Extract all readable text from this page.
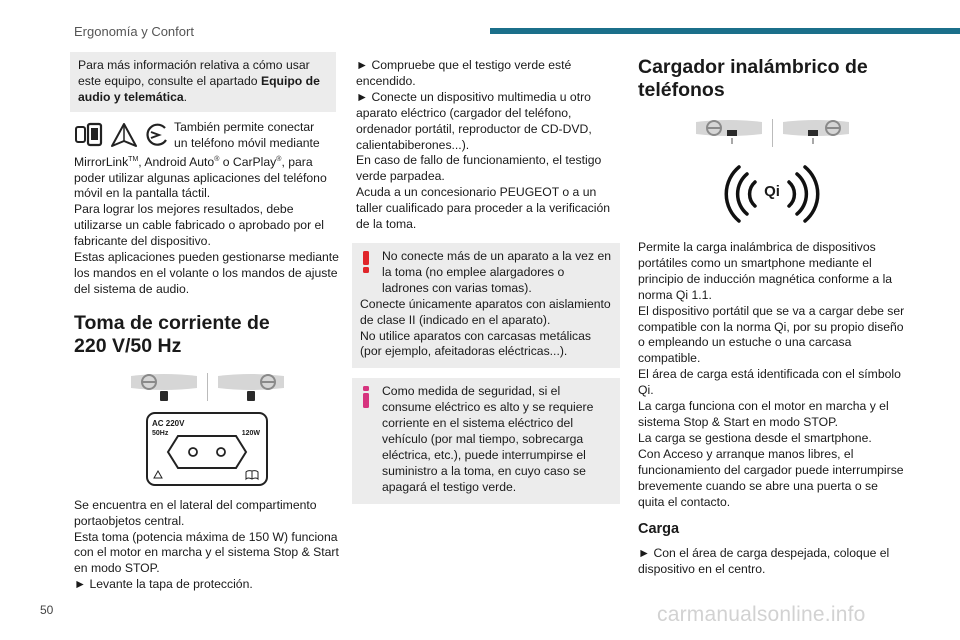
Ergonomía y Confort
Para más información relativa a cómo usar este equipo, consulte el apartado Equipo de audio y telemática.
También permite conectar un teléfono móvil mediante

MirrorLink™, Android Auto® o CarPlay®, para poder utilizar algunas aplicaciones del teléfono móvil en la pantalla táctil.

Para lograr los mejores resultados, debe utilizarse un cable fabricado o aprobado por el fabricante del dispositivo.

Estas aplicaciones pueden gestionarse mediante los mandos en el volante o los mandos de ajuste del sistema de audio.

Toma de corriente de
220 V/50 Hz
AC 220V
50Hz	120W

Se encuentra en el lateral del compartimento portaobjetos central.

Esta toma (potencia máxima de 150 W) funciona con el motor en marcha y el sistema Stop & Start en modo STOP.

► Levante la tapa de protección.

► Compruebe que el testigo verde esté encendido.

► Conecte un dispositivo multimedia u otro aparato eléctrico (cargador del teléfono, ordenador portátil, reproductor de CD-DVD, calientabiberones...).

En caso de fallo de funcionamiento, el testigo verde parpadea.

Acuda a un concesionario PEUGEOT o a un taller cualificado para proceder a la verificación de la toma.

No conecte más de un aparato a la vez en la toma (no emplee alargadores o ladrones con varias tomas).

Conecte únicamente aparatos con aislamiento de clase II (indicado en el aparato).

No utilice aparatos con carcasas metálicas (por ejemplo, afeitadoras eléctricas...).

Como medida de seguridad, si el consume eléctrico es alto y se requiere corriente en el sistema eléctrico del vehículo (por mal tiempo, sobrecarga eléctrica, etc.), puede interrumpirse el suministro a la toma, en cuyo caso se apagará el testigo verde.

Cargador inalámbrico de
teléfonos
Qi

Permite la carga inalámbrica de dispositivos portátiles como un smartphone mediante el principio de inducción magnética conforme a la norma Qi 1.1.

El dispositivo portátil que se va a cargar debe ser compatible con la norma Qi, por su propio diseño o empleando un estuche o una carcasa compatible.

El área de carga está identificada con el símbolo Qi.

La carga funciona con el motor en marcha y el sistema Stop & Start en modo STOP.

La carga se gestiona desde el smartphone.

Con Acceso y arranque manos libres, el funcionamiento del cargador puede interrumpirse brevemente cuando se abre una puerta o se quita el contacto.

Carga

► Con el área de carga despejada, coloque el dispositivo en el centro.

50	carmanualsonline.info
